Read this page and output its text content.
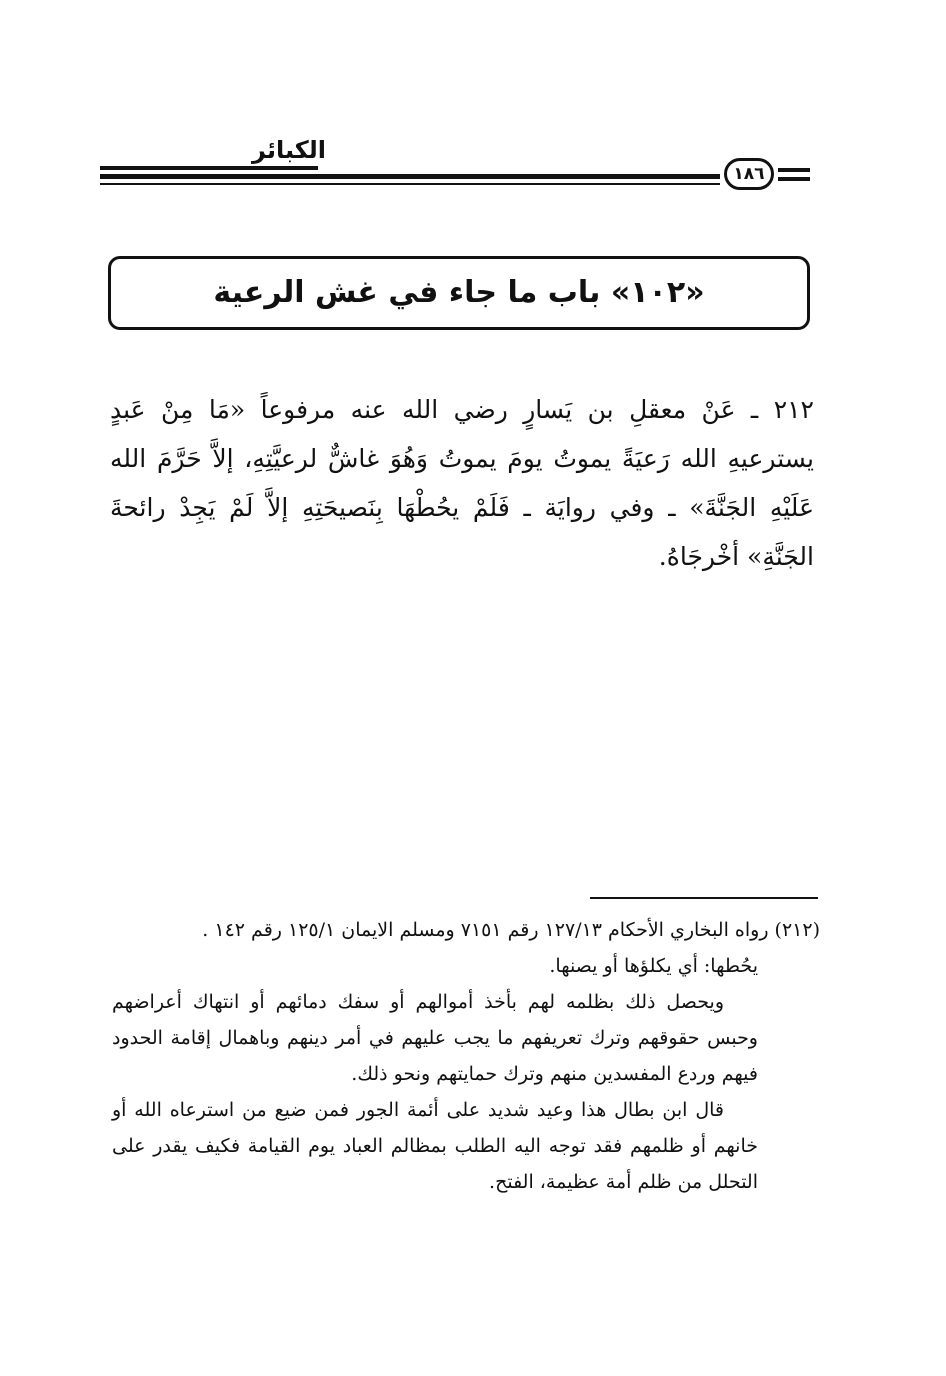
الكبائر
١٨٦
«١٠٢» باب ما جاء في غش الرعية

٢١٢ ـ عَنْ معقلِ بن يَسارٍ رضي الله عنه مرفوعاً «مَا مِنْ عَبدٍ يسترعيهِ الله رَعيَةً يموتُ يومَ يموتُ وَهُوَ غاشٌّ لرعيَّتِهِ، إلاَّ حَرَّمَ الله عَلَيْهِ الجَنَّةَ» ـ وفي روايَة ـ فَلَمْ يحُطْهَا بِنَصيحَتِهِ إلاَّ لَمْ يَجِدْ رائحةَ الجَنَّةِ» أخْرجَاهُ.

(٢١٢) رواه البخاري الأحكام ١٢٧/١٣ رقم ٧١٥١ ومسلم الايمان ١٢٥/١ رقم ١٤٢ .

يحُطها: أي يكلؤها أو يصنها.

ويحصل ذلك بظلمه لهم بأخذ أموالهم أو سفك دمائهم أو انتهاك أعراضهم وحبس حقوقهم وترك تعريفهم ما يجب عليهم في أمر دينهم وباهمال إقامة الحدود فيهم وردع المفسدين منهم وترك حمايتهم ونحو ذلك.

قال ابن بطال هذا وعيد شديد على أئمة الجور فمن ضيع من استرعاه الله أو خانهم أو ظلمهم فقد توجه اليه الطلب بمظالم العباد يوم القيامة فكيف يقدر على التحلل من ظلم أمة عظيمة، الفتح.
